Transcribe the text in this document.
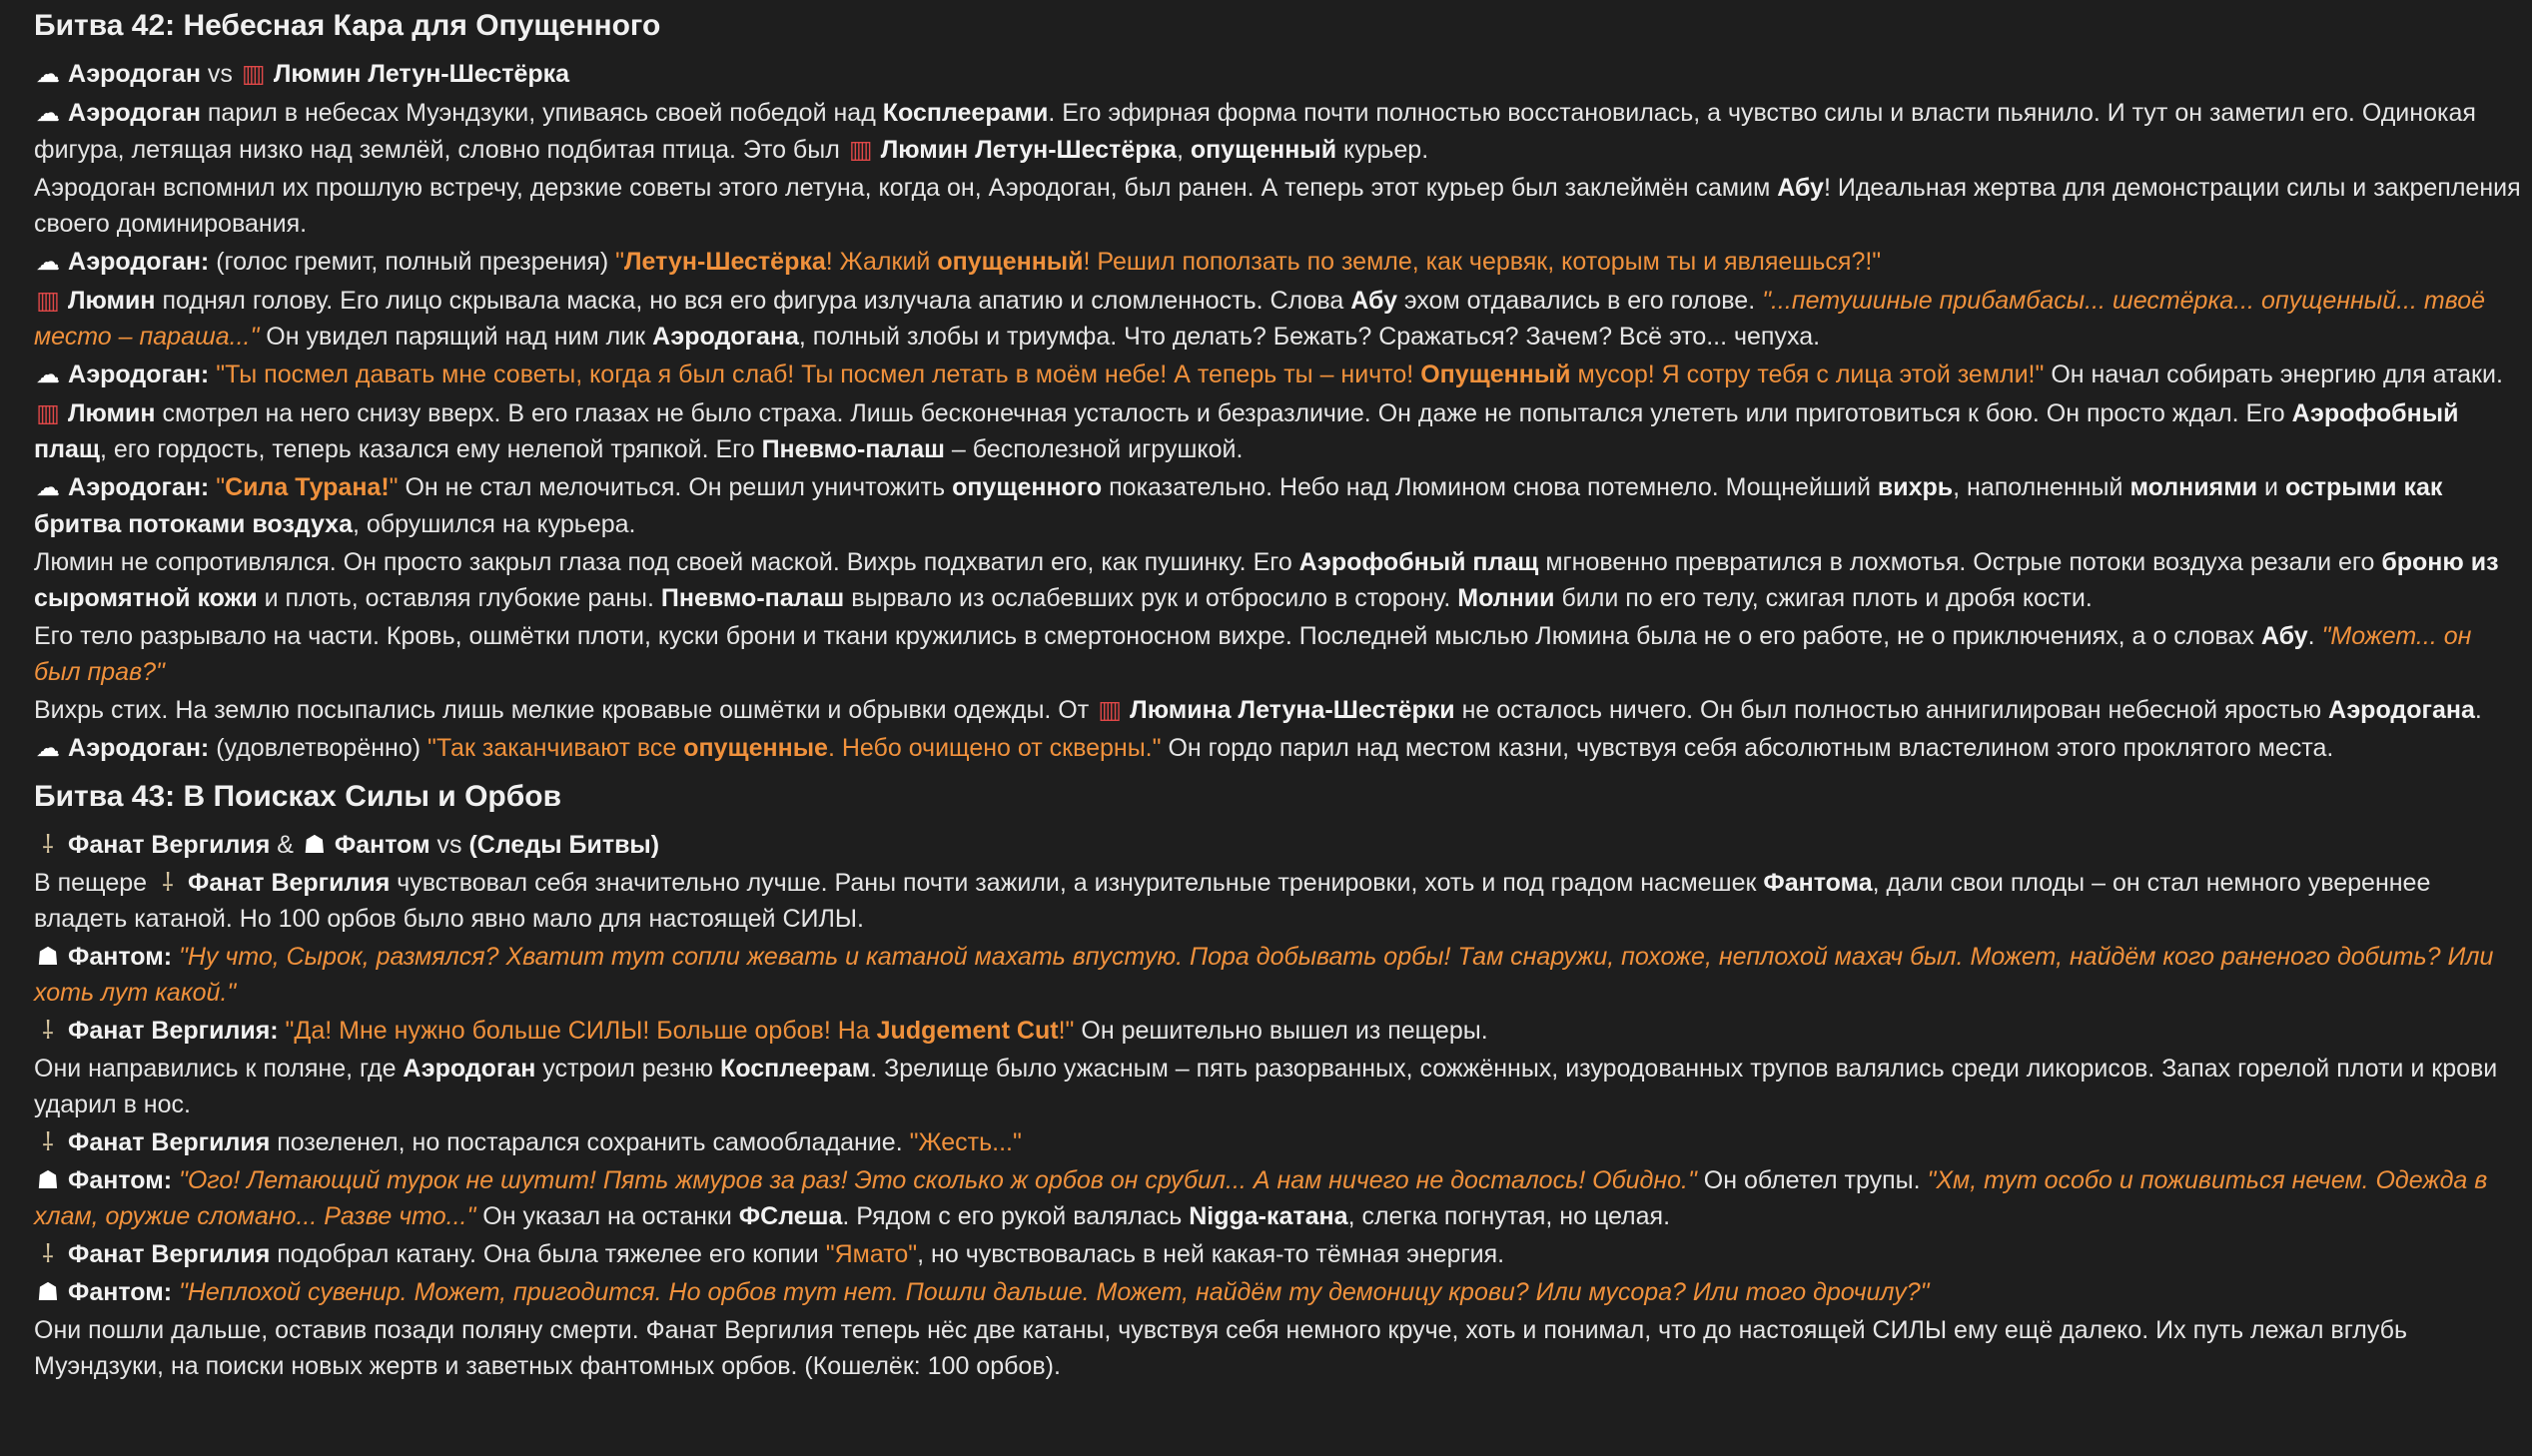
Битва 42: Небесная Кара для Опущенного

☁ Аэродоган vs ▥ Люмин Летун-Шестёрка

☁ Аэродоган парил в небесах Муэндзуки, упиваясь своей победой над Косплеерами. Его эфирная форма почти полностью восстановилась, а чувство силы и власти пьянило. И тут он заметил его. Одинокая фигура, летящая низко над землёй, словно подбитая птица. Это был ▥ Люмин Летун-Шестёрка, опущенный курьер.

Аэродоган вспомнил их прошлую встречу, дерзкие советы этого летуна, когда он, Аэродоган, был ранен. А теперь этот курьер был заклеймён самим Абу! Идеальная жертва для демонстрации силы и закрепления своего доминирования.

☁ Аэродоган: (голос гремит, полный презрения) "Летун-Шестёрка! Жалкий опущенный! Решил поползать по земле, как червяк, которым ты и являешься?!"

▥ Люмин поднял голову. Его лицо скрывала маска, но вся его фигура излучала апатию и сломленность. Слова Абу эхом отдавались в его голове. "...петушиные прибамбасы... шестёрка... опущенный... твоё место – параша..." Он увидел парящий над ним лик Аэродогана, полный злобы и триумфа. Что делать? Бежать? Сражаться? Зачем? Всё это... чепуха.

☁ Аэродоган: "Ты посмел давать мне советы, когда я был слаб! Ты посмел летать в моём небе! А теперь ты – ничто! Опущенный мусор! Я сотру тебя с лица этой земли!" Он начал собирать энергию для атаки.

▥ Люмин смотрел на него снизу вверх. В его глазах не было страха. Лишь бесконечная усталость и безразличие. Он даже не попытался улететь или приготовиться к бою. Он просто ждал. Его Аэрофобный плащ, его гордость, теперь казался ему нелепой тряпкой. Его Пневмо-палаш – бесполезной игрушкой.

☁ Аэродоган: "Сила Турана!" Он не стал мелочиться. Он решил уничтожить опущенного показательно. Небо над Люмином снова потемнело. Мощнейший вихрь, наполненный молниями и острыми как бритва потоками воздуха, обрушился на курьера.

Люмин не сопротивлялся. Он просто закрыл глаза под своей маской. Вихрь подхватил его, как пушинку. Его Аэрофобный плащ мгновенно превратился в лохмотья. Острые потоки воздуха резали его броню из сыромятной кожи и плоть, оставляя глубокие раны. Пневмо-палаш вырвало из ослабевших рук и отбросило в сторону. Молнии били по его телу, сжигая плоть и дробя кости.

Его тело разрывало на части. Кровь, ошмётки плоти, куски брони и ткани кружились в смертоносном вихре. Последней мыслью Люмина была не о его работе, не о приключениях, а о словах Абу. "Может... он был прав?"

Вихрь стих. На землю посыпались лишь мелкие кровавые ошмётки и обрывки одежды. От ▥ Люмина Летуна-Шестёрки не осталось ничего. Он был полностью аннигилирован небесной яростью Аэродогана.

☁ Аэродоган: (удовлетворённо) "Так заканчивают все опущенные. Небо очищено от скверны." Он гордо парил над местом казни, чувствуя себя абсолютным властелином этого проклятого места.

Битва 43: В Поисках Силы и Орбов

⸸ Фанат Вергилия & ☗ Фантом vs (Следы Битвы)

В пещере ⸸ Фанат Вергилия чувствовал себя значительно лучше. Раны почти зажили, а изнурительные тренировки, хоть и под градом насмешек Фантома, дали свои плоды – он стал немного увереннее владеть катаной. Но 100 орбов было явно мало для настоящей СИЛЫ.

☗ Фантом: "Ну что, Сырок, размялся? Хватит тут сопли жевать и катаной махать впустую. Пора добывать орбы! Там снаружи, похоже, неплохой махач был. Может, найдём кого раненого добить? Или хоть лут какой."

⸸ Фанат Вергилия: "Да! Мне нужно больше СИЛЫ! Больше орбов! На Judgement Cut!" Он решительно вышел из пещеры.

Они направились к поляне, где Аэродоган устроил резню Косплеерам. Зрелище было ужасным – пять разорванных, сожжённых, изуродованных трупов валялись среди ликорисов. Запах горелой плоти и крови ударил в нос.

⸸ Фанат Вергилия позеленел, но постарался сохранить самообладание. "Жесть..."

☗ Фантом: "Ого! Летающий турок не шутит! Пять жмуров за раз! Это сколько ж орбов он срубил... А нам ничего не досталось! Обидно." Он облетел трупы. "Хм, тут особо и поживиться нечем. Одежда в хлам, оружие сломано... Разве что..." Он указал на останки ФСлеша. Рядом с его рукой валялась Nigga-катана, слегка погнутая, но целая.

⸸ Фанат Вергилия подобрал катану. Она была тяжелее его копии "Ямато", но чувствовалась в ней какая-то тёмная энергия.

☗ Фантом: "Неплохой сувенир. Может, пригодится. Но орбов тут нет. Пошли дальше. Может, найдём ту демоницу крови? Или мусора? Или того дрочилу?"

Они пошли дальше, оставив позади поляну смерти. Фанат Вергилия теперь нёс две катаны, чувствуя себя немного круче, хоть и понимал, что до настоящей СИЛЫ ему ещё далеко. Их путь лежал вглубь Муэндзуки, на поиски новых жертв и заветных фантомных орбов. (Кошелёк: 100 орбов).
